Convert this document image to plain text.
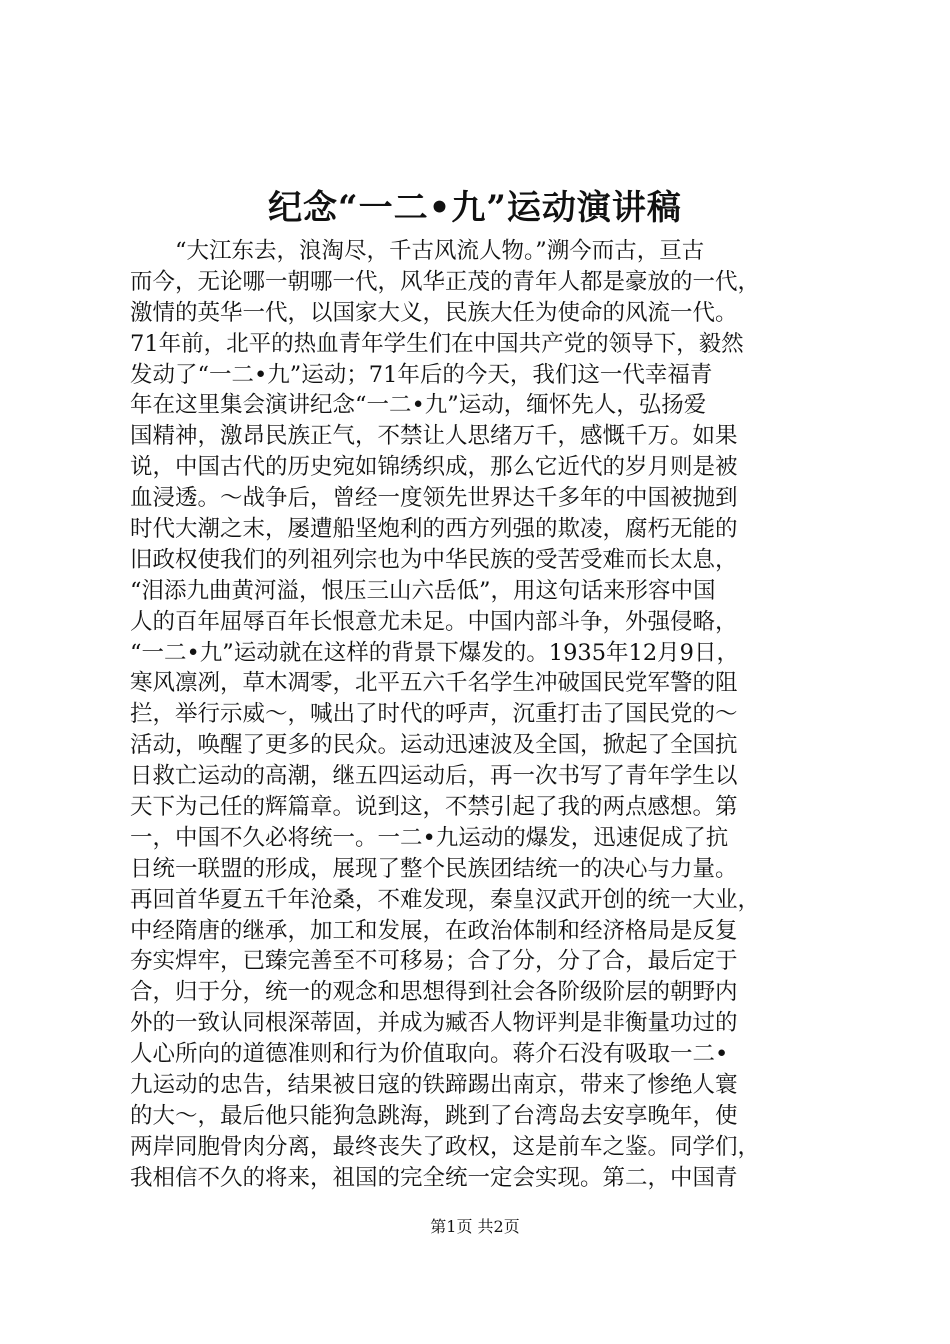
纪念“一二•九”运动演讲稿
　　“大江东去，浪淘尽，千古风流人物。”溯今而古，亘古
而今，无论哪一朝哪一代，风华正茂的青年人都是豪放的一代，
激情的英华一代，以国家大义，民族大任为使命的风流一代。
71年前，北平的热血青年学生们在中国共产党的领导下，毅然
发动了“一二•九”运动；71年后的今天，我们这一代幸福青
年在这里集会演讲纪念“一二•九”运动，缅怀先人，弘扬爱
国精神，激昂民族正气，不禁让人思绪万千，感慨千万。如果
说，中国古代的历史宛如锦绣织成，那么它近代的岁月则是被
血浸透。～战争后，曾经一度领先世界达千多年的中国被抛到
时代大潮之末，屡遭船坚炮利的西方列强的欺凌，腐朽无能的
旧政权使我们的列祖列宗也为中华民族的受苦受难而长太息，
“泪添九曲黄河溢，恨压三山六岳低”，用这句话来形容中国
人的百年屈辱百年长恨意尤未足。中国内部斗争，外强侵略，
“一二•九”运动就在这样的背景下爆发的。1935年12月9日，
寒风凛冽，草木凋零，北平五六千名学生冲破国民党军警的阻
拦，举行示威～，喊出了时代的呼声，沉重打击了国民党的～
活动，唤醒了更多的民众。运动迅速波及全国，掀起了全国抗
日救亡运动的高潮，继五四运动后，再一次书写了青年学生以
天下为己任的辉篇章。说到这，不禁引起了我的两点感想。第
一，中国不久必将统一。一二•九运动的爆发，迅速促成了抗
日统一联盟的形成，展现了整个民族团结统一的决心与力量。
再回首华夏五千年沧桑，不难发现，秦皇汉武开创的统一大业，
中经隋唐的继承，加工和发展，在政治体制和经济格局是反复
夯实焊牢，已臻完善至不可移易；合了分，分了合，最后定于
合，归于分，统一的观念和思想得到社会各阶级阶层的朝野内
外的一致认同根深蒂固，并成为臧否人物评判是非衡量功过的
人心所向的道德准则和行为价值取向。蒋介石没有吸取一二•
九运动的忠告，结果被日寇的铁蹄踢出南京，带来了惨绝人寰
的大～，最后他只能狗急跳海，跳到了台湾岛去安享晚年，使
两岸同胞骨肉分离，最终丧失了政权，这是前车之鉴。同学们，
我相信不久的将来，祖国的完全统一定会实现。第二，中国青
第1页 共2页
